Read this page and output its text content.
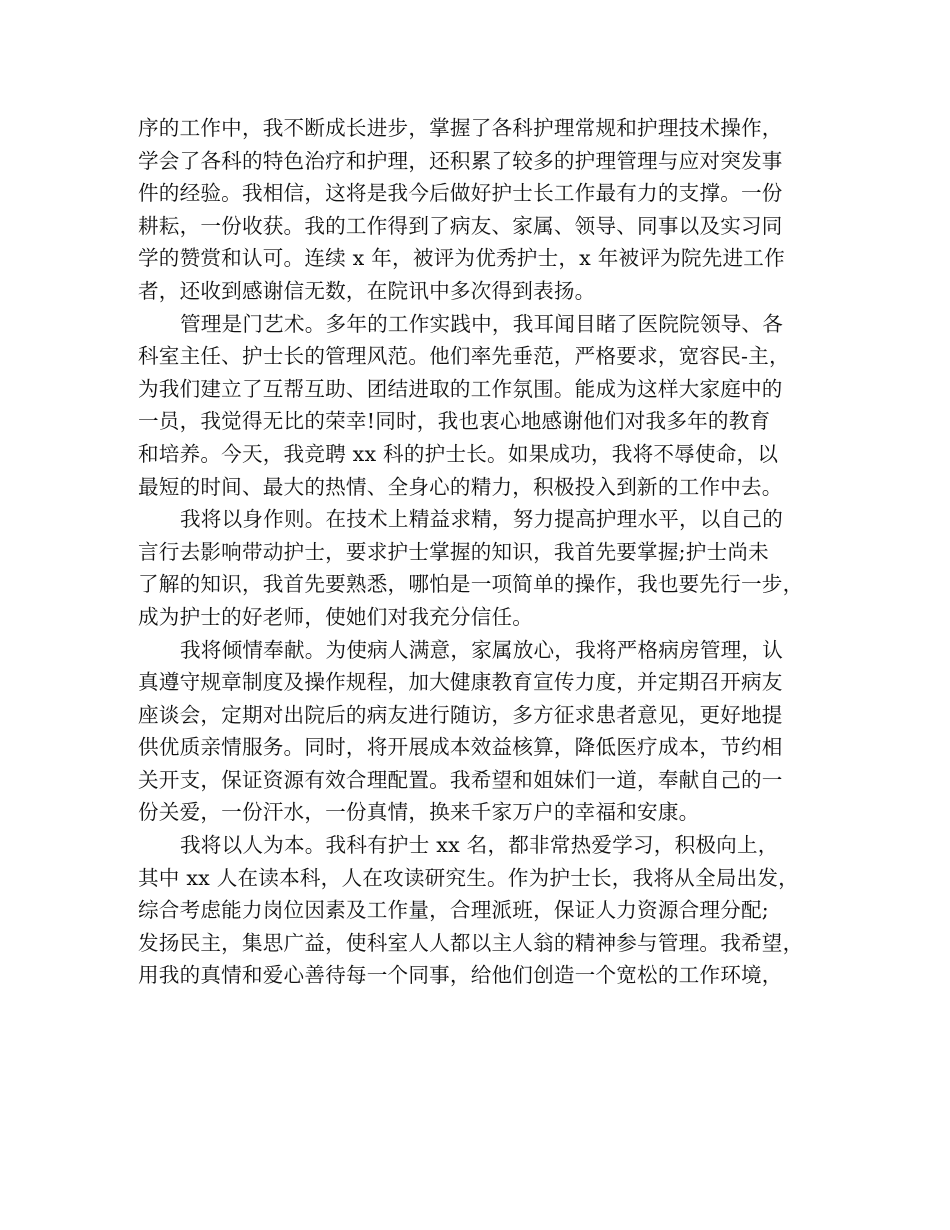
序的工作中，我不断成长进步，掌握了各科护理常规和护理技术操作，
学会了各科的特色治疗和护理，还积累了较多的护理管理与应对突发事
件的经验。我相信，这将是我今后做好护士长工作最有力的支撑。一份
耕耘，一份收获。我的工作得到了病友、家属、领导、同事以及实习同
学的赞赏和认可。连续 x 年，被评为优秀护士，x 年被评为院先进工作
者，还收到感谢信无数，在院讯中多次得到表扬。
管理是门艺术。多年的工作实践中，我耳闻目睹了医院院领导、各
科室主任、护士长的管理风范。他们率先垂范，严格要求，宽容民-主，
为我们建立了互帮互助、团结进取的工作氛围。能成为这样大家庭中的
一员，我觉得无比的荣幸!同时，我也衷心地感谢他们对我多年的教育
和培养。今天，我竞聘 xx 科的护士长。如果成功，我将不辱使命，以
最短的时间、最大的热情、全身心的精力，积极投入到新的工作中去。
我将以身作则。在技术上精益求精，努力提高护理水平，以自己的
言行去影响带动护士，要求护士掌握的知识，我首先要掌握;护士尚未
了解的知识，我首先要熟悉，哪怕是一项简单的操作，我也要先行一步，
成为护士的好老师，使她们对我充分信任。
我将倾情奉献。为使病人满意，家属放心，我将严格病房管理，认
真遵守规章制度及操作规程，加大健康教育宣传力度，并定期召开病友
座谈会，定期对出院后的病友进行随访，多方征求患者意见，更好地提
供优质亲情服务。同时，将开展成本效益核算，降低医疗成本，节约相
关开支，保证资源有效合理配置。我希望和姐妹们一道，奉献自己的一
份关爱，一份汗水，一份真情，换来千家万户的幸福和安康。
我将以人为本。我科有护士 xx 名，都非常热爱学习，积极向上，
其中 xx 人在读本科，人在攻读研究生。作为护士长，我将从全局出发，
综合考虑能力岗位因素及工作量，合理派班，保证人力资源合理分配;
发扬民主，集思广益，使科室人人都以主人翁的精神参与管理。我希望，
用我的真情和爱心善待每一个同事，给他们创造一个宽松的工作环境，
